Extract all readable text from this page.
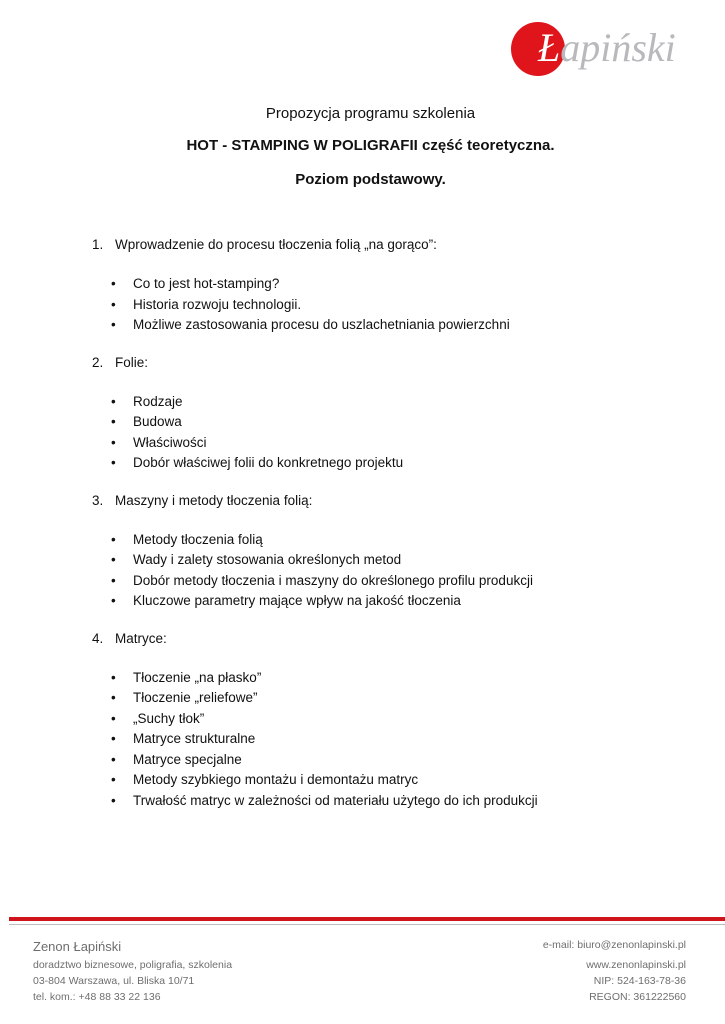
Łapiński
Propozycja programu szkolenia
HOT - STAMPING W POLIGRAFII część teoretyczna.
Poziom podstawowy.
1. Wprowadzenie do procesu tłoczenia folią „na gorąco”:
•	Co to jest hot-stamping?
•	Historia rozwoju technologii.
•	Możliwe zastosowania procesu do uszlachetniania powierzchni
2. Folie:
•	Rodzaje
•	Budowa
•	Właściwości
•	Dobór właściwej folii do konkretnego projektu
3. Maszyny i metody tłoczenia folią:
•	Metody tłoczenia folią
•	Wady i zalety stosowania określonych metod
•	Dobór metody tłoczenia i maszyny do określonego profilu produkcji
•	Kluczowe parametry mające wpływ na jakość tłoczenia
4. Matryce:
•	Tłoczenie „na płasko”
•	Tłoczenie „reliefowe”
•	„Suchy tłok”
•	Matryce strukturalne
•	Matryce specjalne
•	Metody szybkiego montażu i demontażu matryc
•	Trwałość matryc w zależności od materiału użytego do ich produkcji
Zenon Łapiński
doradztwo biznesowe, poligrafia, szkolenia
03-804 Warszawa, ul. Bliska 10/71
tel. kom.: +48 88 33 22 136
e-mail: biuro@zenonlapinski.pl
www.zenonlapinski.pl
NIP: 524-163-78-36
REGON: 361222560
